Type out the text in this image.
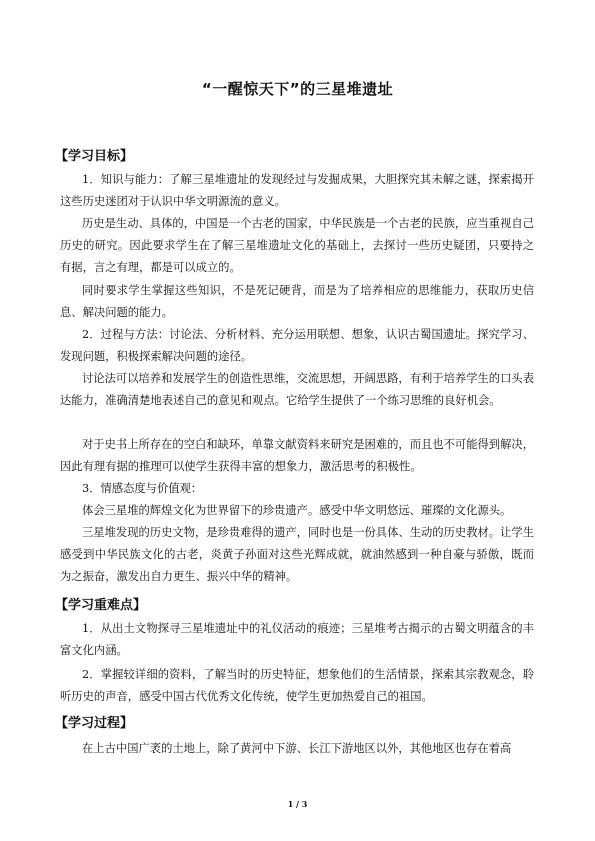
“一醒惊天下”的三星堆遗址
【学习目标】

1．知识与能力：了解三星堆遗址的发现经过与发掘成果，大胆探究其未解之谜，探索揭开这些历史迷团对于认识中华文明源流的意义。

历史是生动、具体的，中国是一个古老的国家，中华民族是一个古老的民族，应当重视自己历史的研究。因此要求学生在了解三星堆遗址文化的基础上，去探讨一些历史疑团，只要持之有据，言之有理，都是可以成立的。

同时要求学生掌握这些知识，不是死记硬背，而是为了培养相应的思维能力，获取历史信息、解决问题的能力。

2．过程与方法：讨论法、分析材料、充分运用联想、想象，认识古蜀国遗址。探究学习、发现问题，积极探索解决问题的途径。

讨论法可以培养和发展学生的创造性思维，交流思想，开阔思路，有利于培养学生的口头表达能力，准确清楚地表述自己的意见和观点。它给学生提供了一个练习思维的良好机会。

对于史书上所存在的空白和缺环，单靠文献资料来研究是困难的，而且也不可能得到解决，因此有理有据的推理可以使学生获得丰富的想象力，激活思考的积极性。

3．情感态度与价值观：

体会三星堆的辉煌文化为世界留下的珍贵遗产。感受中华文明悠远、璀璨的文化源头。

三星堆发现的历史文物，是珍贵难得的遗产，同时也是一份具体、生动的历史教材。让学生感受到中华民族文化的古老，炎黄子孙面对这些光辉成就，就油然感到一种自豪与骄傲，既而为之振奋，激发出自力更生、振兴中华的精神。

【学习重难点】

1．从出土文物探寻三星堆遗址中的礼仪活动的痕迹；三星堆考古揭示的古蜀文明蕴含的丰富文化内涵。

2．掌握较详细的资料，了解当时的历史特征，想象他们的生活情景，探索其宗教观念，聆听历史的声音，感受中国古代优秀文化传统，使学生更加热爱自己的祖国。

【学习过程】

在上古中国广袤的土地上，除了黄河中下游、长江下游地区以外，其他地区也存在着高

1 / 3
